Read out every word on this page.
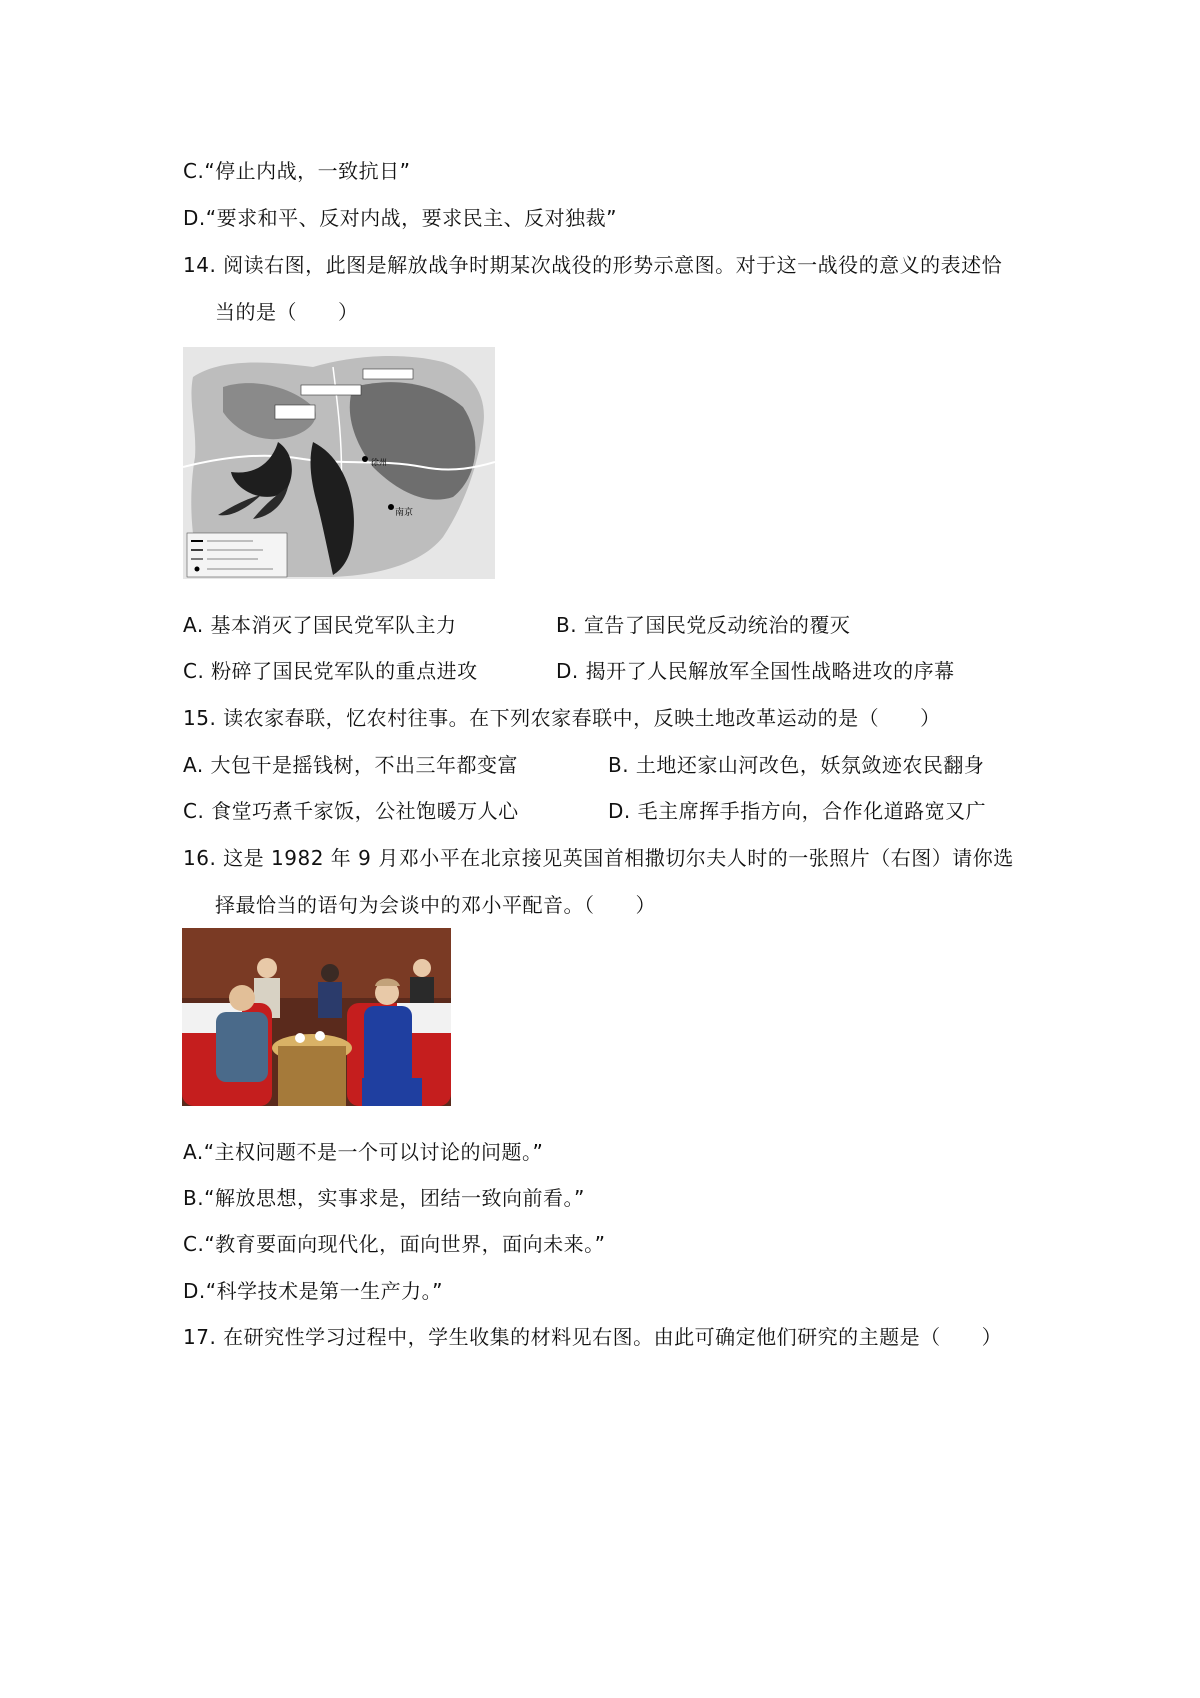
C.“停止内战，一致抗日”
D.“要求和平、反对内战，要求民主、反对独裁”
14. 阅读右图，此图是解放战争时期某次战役的形势示意图。对于这一战役的意义的表述恰
当的是（　　）
徐州
南京
A. 基本消灭了国民党军队主力	B. 宣告了国民党反动统治的覆灭
C. 粉碎了国民党军队的重点进攻	D. 揭开了人民解放军全国性战略进攻的序幕
15. 读农家春联，忆农村往事。在下列农家春联中，反映土地改革运动的是（　　）
A. 大包干是摇钱树，不出三年都变富	B. 土地还家山河改色，妖氛敛迹农民翻身
C. 食堂巧煮千家饭，公社饱暖万人心	D. 毛主席挥手指方向，合作化道路宽又广
16. 这是 1982 年 9 月邓小平在北京接见英国首相撒切尔夫人时的一张照片（右图）请你选
择最恰当的语句为会谈中的邓小平配音。（　　）
A.“主权问题不是一个可以讨论的问题。”
B.“解放思想，实事求是，团结一致向前看。”
C.“教育要面向现代化，面向世界，面向未来。”
D.“科学技术是第一生产力。”
17. 在研究性学习过程中，学生收集的材料见右图。由此可确定他们研究的主题是（　　）
